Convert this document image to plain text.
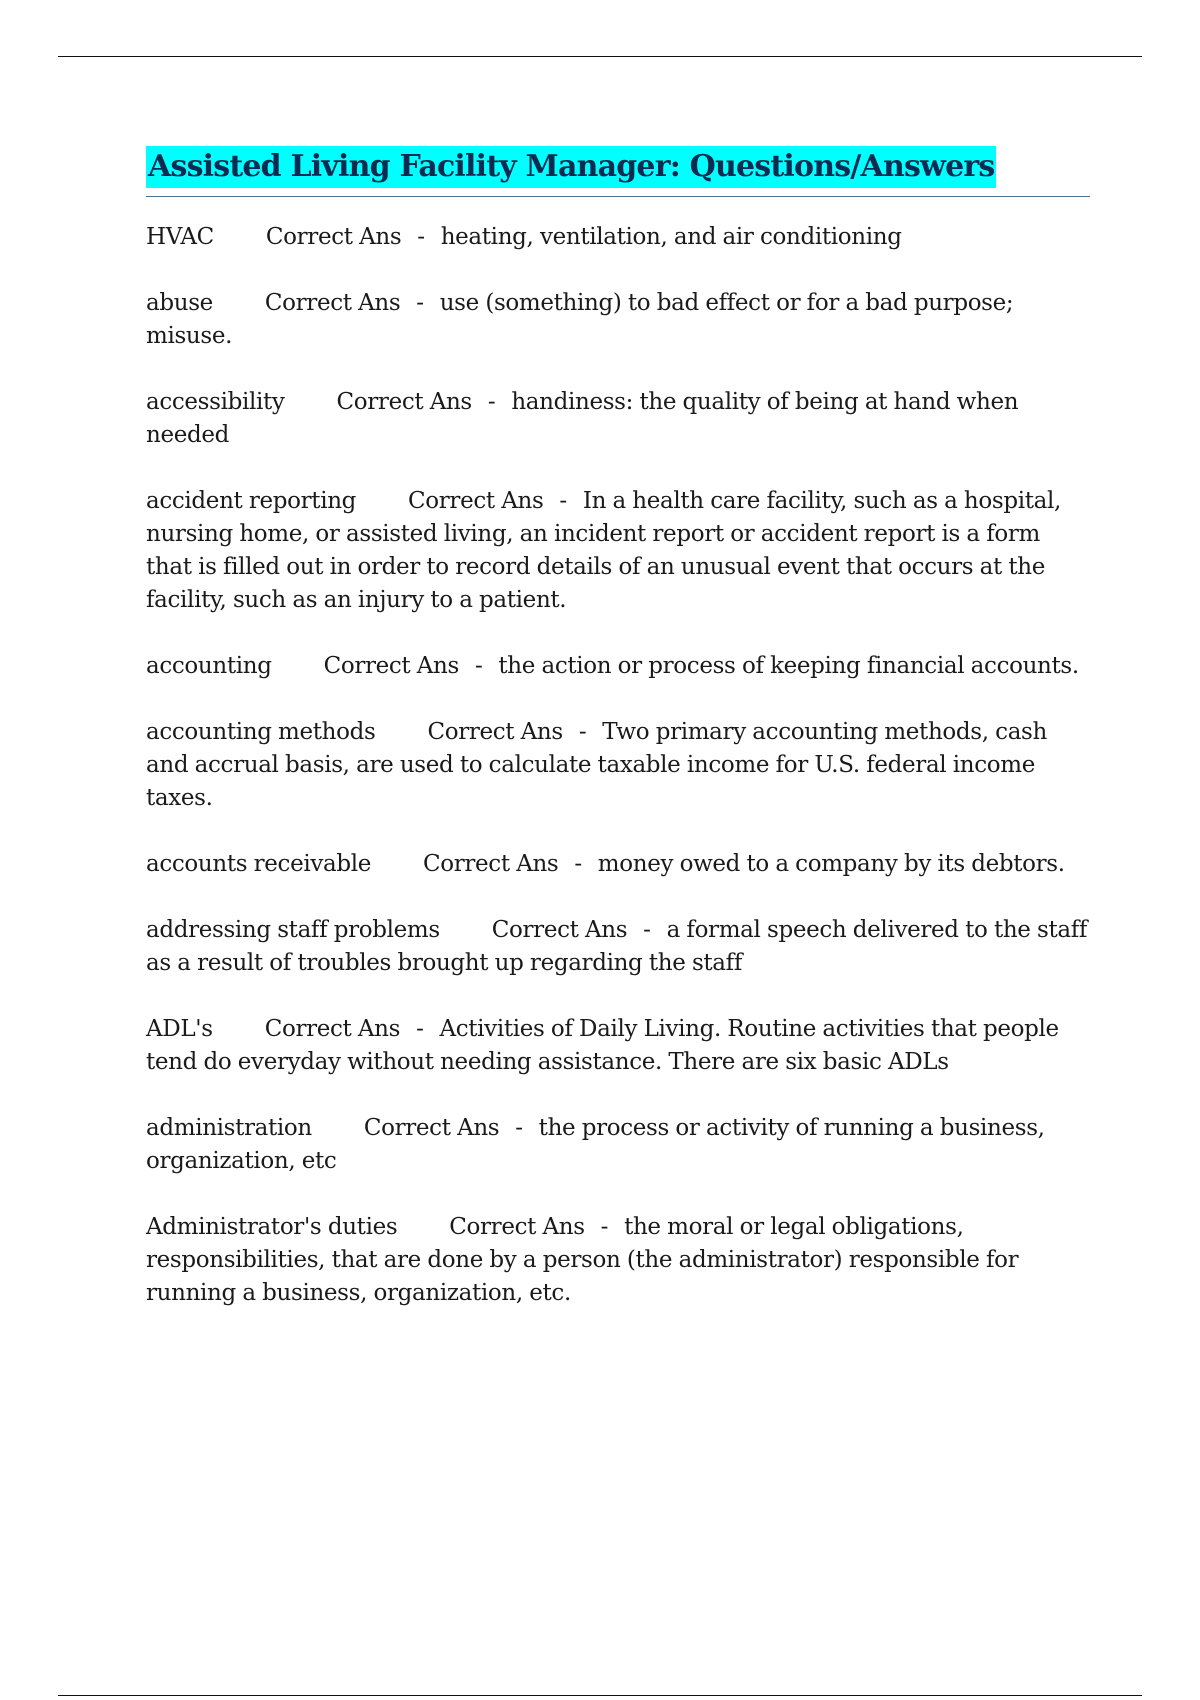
Assisted Living Facility Manager: Questions/Answers

HVAC Correct Ans - heating, ventilation, and air conditioning

abuse Correct Ans - use (something) to bad effect or for a bad purpose; misuse.

accessibility Correct Ans - handiness: the quality of being at hand when needed

accident reporting Correct Ans - In a health care facility, such as a hospital, nursing home, or assisted living, an incident report or accident report is a form that is filled out in order to record details of an unusual event that occurs at the facility, such as an injury to a patient.

accounting Correct Ans - the action or process of keeping financial accounts.

accounting methods Correct Ans - Two primary accounting methods, cash and accrual basis, are used to calculate taxable income for U.S. federal income taxes.

accounts receivable Correct Ans - money owed to a company by its debtors.

addressing staff problems Correct Ans - a formal speech delivered to the staff as a result of troubles brought up regarding the staff

ADL's Correct Ans - Activities of Daily Living. Routine activities that people tend do everyday without needing assistance. There are six basic ADLs

administration Correct Ans - the process or activity of running a business, organization, etc

Administrator's duties Correct Ans - the moral or legal obligations, responsibilities, that are done by a person (the administrator) responsible for running a business, organization, etc.
